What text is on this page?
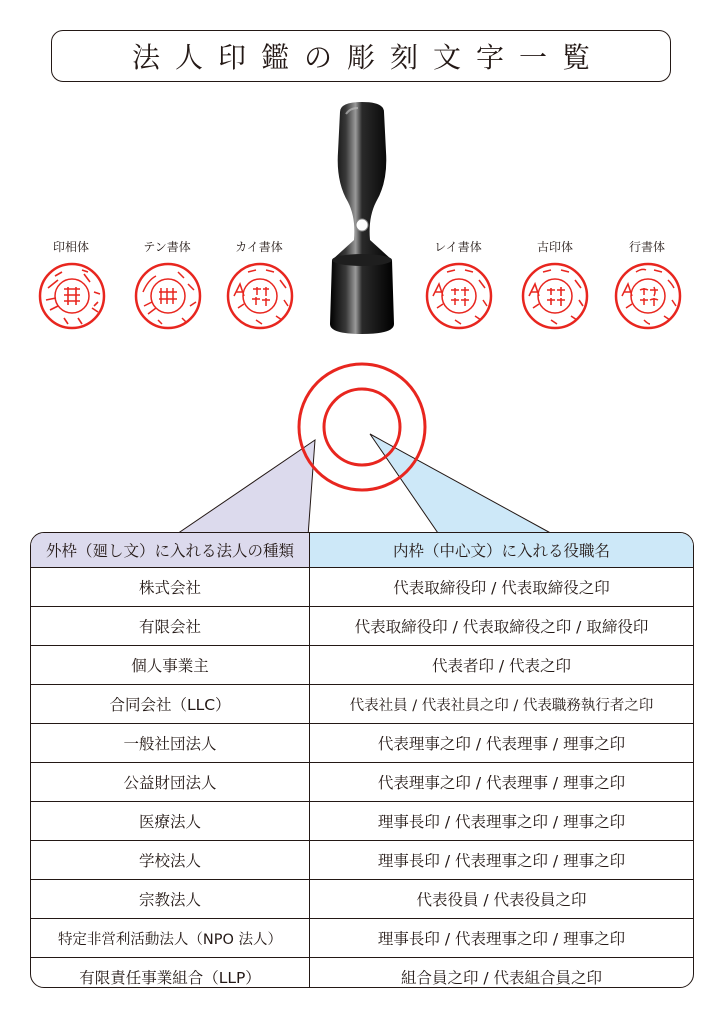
法人印鑑の彫刻文字一覧
印相体	テン書体	カイ書体	レイ書体	古印体	行書体
外枠（廻し文）に入れる法人の種類	内枠（中心文）に入れる役職名
株式会社	代表取締役印 / 代表取締役之印
有限会社	代表取締役印 / 代表取締役之印 / 取締役印
個人事業主	代表者印 / 代表之印
合同会社（LLC）	代表社員 / 代表社員之印 / 代表職務執行者之印
一般社団法人	代表理事之印 / 代表理事 / 理事之印
公益財団法人	代表理事之印 / 代表理事 / 理事之印
医療法人	理事長印 / 代表理事之印 / 理事之印
学校法人	理事長印 / 代表理事之印 / 理事之印
宗教法人	代表役員 / 代表役員之印
特定非営利活動法人（NPO 法人）	理事長印 / 代表理事之印 / 理事之印
有限責任事業組合（LLP）	組合員之印 / 代表組合員之印
